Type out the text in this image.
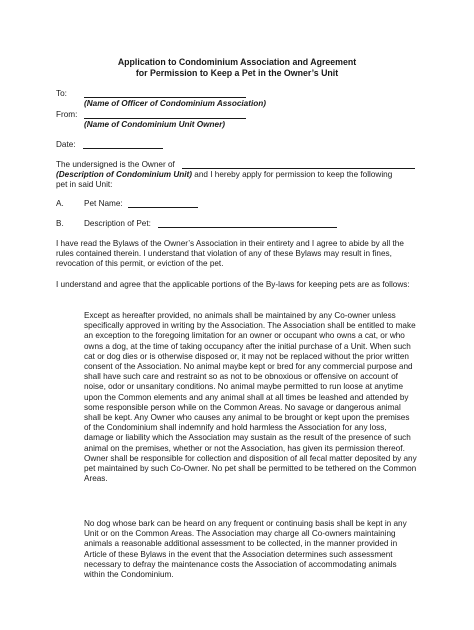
Application to Condominium Association and Agreement
for Permission to Keep a Pet in the Owner’s Unit
To:
(Name of Officer of Condominium Association)
From:
(Name of Condominium Unit Owner)
Date:
The undersigned is the Owner of
(Description of Condominium Unit) and I hereby apply for permission to keep the following
pet in said Unit:
A. Pet Name:
B. Description of Pet:

I have read the Bylaws of the Owner’s Association in their entirety and I agree to abide by all the rules contained therein. I understand that violation of any of these Bylaws may result in fines, revocation of this permit, or eviction of the pet.

I understand and agree that the applicable portions of the By-laws for keeping pets are as follows:

Except as hereafter provided, no animals shall be maintained by any Co-owner unless specifically approved in writing by the Association. The Association shall be entitled to make an exception to the foregoing limitation for an owner or occupant who owns a cat, or who owns a dog, at the time of taking occupancy after the initial purchase of a Unit. When such cat or dog dies or is otherwise disposed or, it may not be replaced without the prior written consent of the Association. No animal maybe kept or bred for any commercial purpose and shall have such care and restraint so as not to be obnoxious or offensive on account of noise, odor or unsanitary conditions. No animal maybe permitted to run loose at anytime upon the Common elements and any animal shall at all times be leashed and attended by some responsible person while on the Common Areas. No savage or dangerous animal shall be kept. Any Owner who causes any animal to be brought or kept upon the premises of the Condominium shall indemnify and hold harmless the Association for any loss, damage or liability which the Association may sustain as the result of the presence of such animal on the premises, whether or not the Association, has given its permission thereof. Owner shall be responsible for collection and disposition of all fecal matter deposited by any pet maintained by such Co-Owner. No pet shall be permitted to be tethered on the Common Areas.

No dog whose bark can be heard on any frequent or continuing basis shall be kept in any Unit or on the Common Areas. The Association may charge all Co-owners maintaining animals a reasonable additional assessment to be collected, in the manner provided in Article of these Bylaws in the event that the Association determines such assessment necessary to defray the maintenance costs the Association of accommodating animals within the Condominium.
